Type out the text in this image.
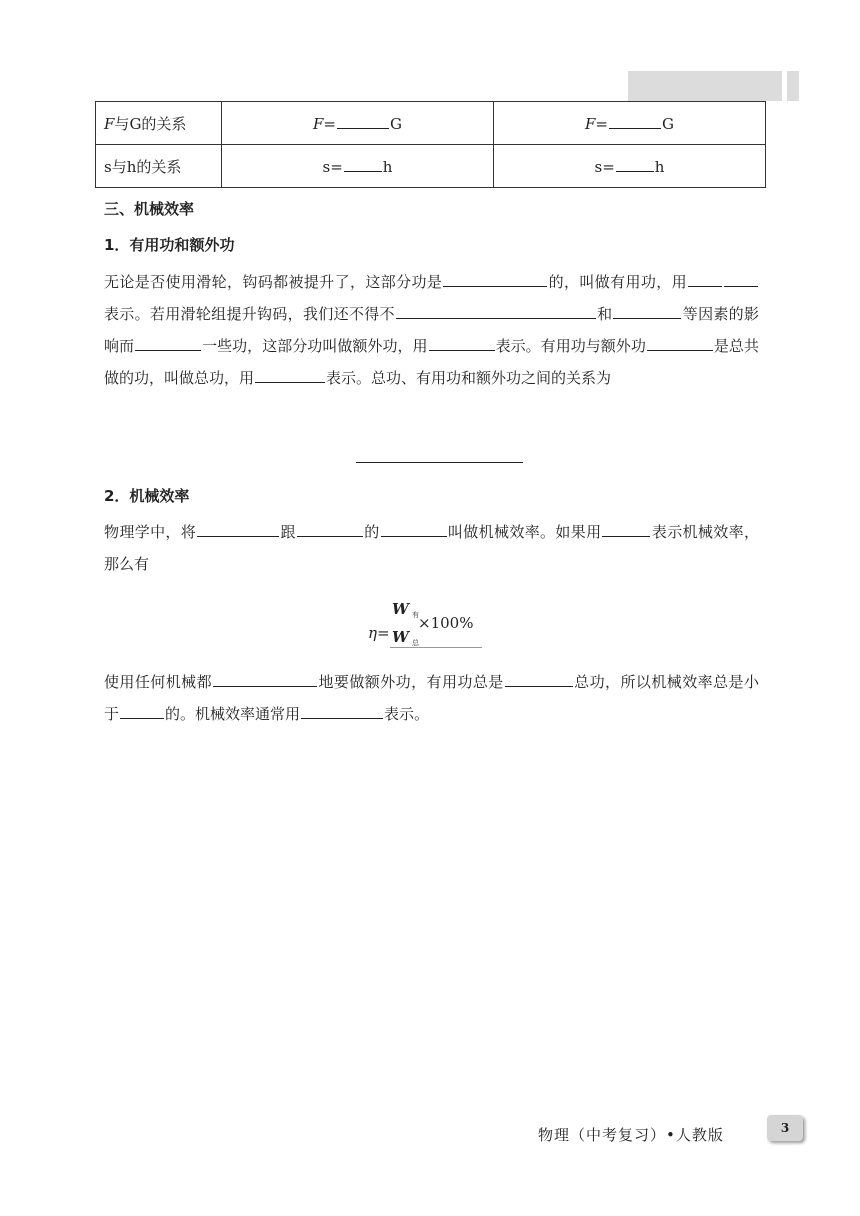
F与G的关系	F= G	F= G
s与h的关系	s= h	s= h
三、机械效率
1．有用功和额外功
无论是否使用滑轮，钩码都被提升了，这部分功是	的，叫做有用功，用表示。若用滑轮组提升钩码，我们还不得不	和	等因素的影响而	一些功，这部分功叫做额外功，用	表示。有用功与额外功	是总共做的功，叫做总功，用	表示。总功、有用功和额外功之间的关系为
2．机械效率
物理学中，将	跟	的	叫做机械效率。如果用	表示机械效率，那么有
η=
W 有 ×100%
W 总
使用任何机械都	地要做额外功，有用功总是	总功，所以机械效率总是小于	的。机械效率通常用	表示。
物理（中考复习）•人教版	3
